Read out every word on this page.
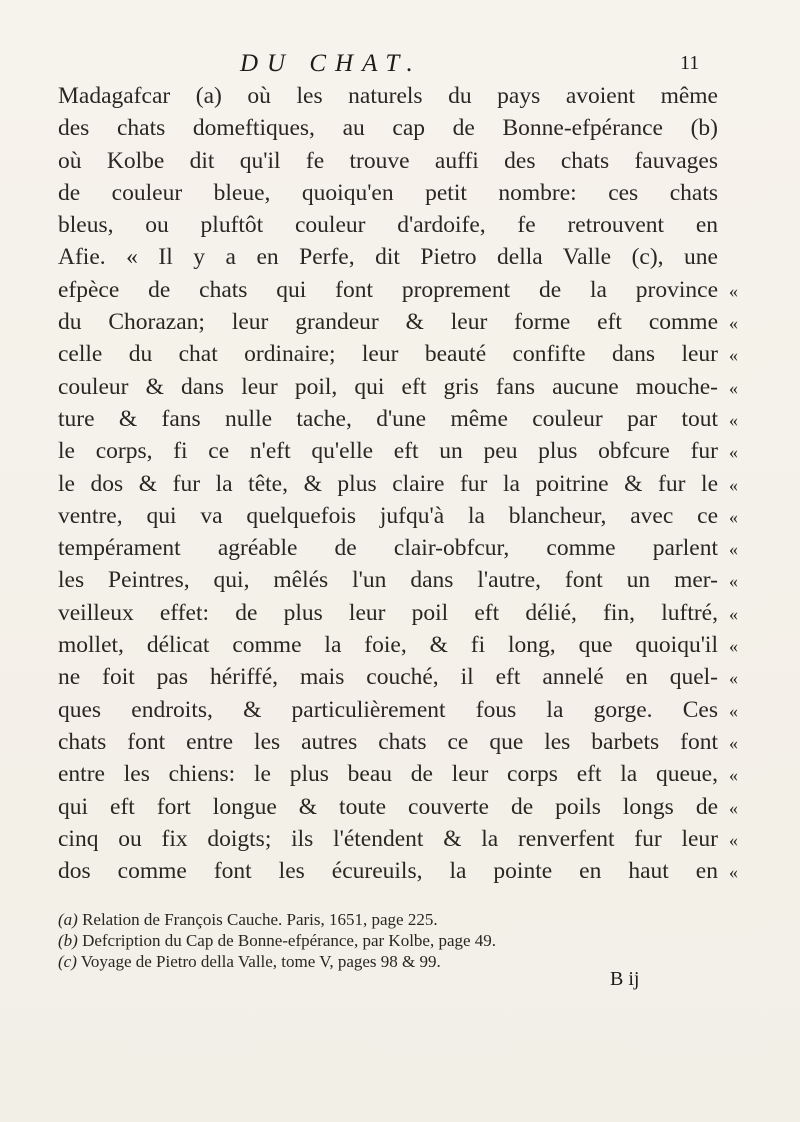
DU CHAT.	11
Madagafcar (a) où les naturels du pays avoient même
des chats domeftiques, au cap de Bonne-efpérance (b)
où Kolbe dit qu'il fe trouve auffi des chats fauvages
de couleur bleue, quoiqu'en petit nombre: ces chats
bleus, ou pluftôt couleur d'ardoife, fe retrouvent en
Afie. « Il y a en Perfe, dit Pietro della Valle (c), une
efpèce de chats qui font proprement de la province «
du Chorazan; leur grandeur & leur forme eft comme «
celle du chat ordinaire; leur beauté confifte dans leur «
couleur & dans leur poil, qui eft gris fans aucune mouche- «
ture & fans nulle tache, d'une même couleur par tout «
le corps, fi ce n'eft qu'elle eft un peu plus obfcure fur «
le dos & fur la tête, & plus claire fur la poitrine & fur le «
ventre, qui va quelquefois jufqu'à la blancheur, avec ce «
tempérament agréable de clair-obfcur, comme parlent «
les Peintres, qui, mêlés l'un dans l'autre, font un mer- «
veilleux effet: de plus leur poil eft délié, fin, luftré, «
mollet, délicat comme la foie, & fi long, que quoiqu'il «
ne foit pas hériffé, mais couché, il eft annelé en quel- «
ques endroits, & particulièrement fous la gorge. Ces «
chats font entre les autres chats ce que les barbets font «
entre les chiens: le plus beau de leur corps eft la queue, «
qui eft fort longue & toute couverte de poils longs de «
cinq ou fix doigts; ils l'étendent & la renverfent fur leur «
dos comme font les écureuils, la pointe en haut en «
(a) Relation de François Cauche. Paris, 1651, page 225.
(b) Defcription du Cap de Bonne-efpérance, par Kolbe, page 49.
(c) Voyage de Pietro della Valle, tome V, pages 98 & 99.
B ij
